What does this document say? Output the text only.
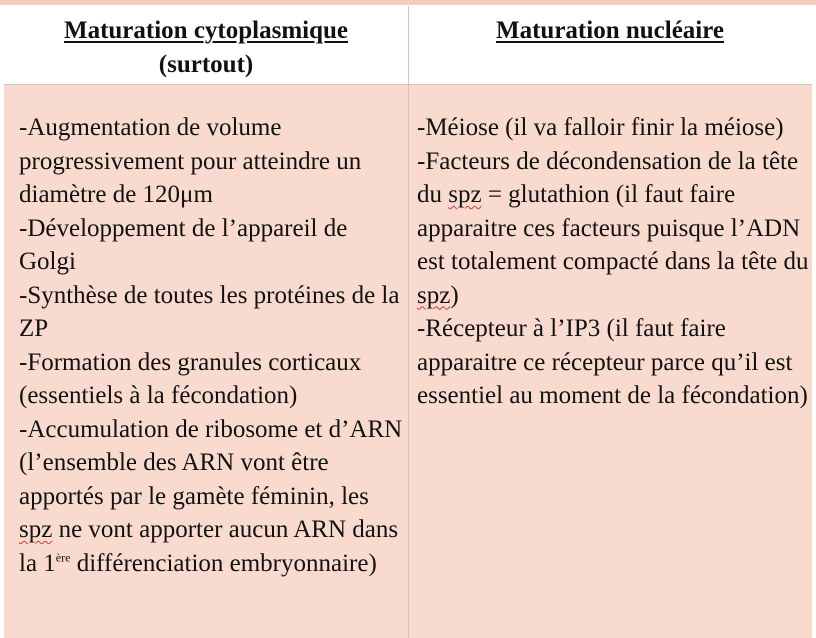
Maturation cytoplasmique
(surtout)
Maturation nucléaire
-Augmentation de volume progressivement pour atteindre un diamètre de 120μm
-Développement de l’appareil de Golgi
-Synthèse de toutes les protéines de la ZP
-Formation des granules corticaux (essentiels à la fécondation)
-Accumulation de ribosome et d’ARN (l’ensemble des ARN vont être apportés par le gamète féminin, les spz ne vont apporter aucun ARN dans la 1ère différenciation embryonnaire)
-Méiose (il va falloir finir la méiose)
-Facteurs de décondensation de la tête du spz = glutathion (il faut faire apparaitre ces facteurs puisque l’ADN est totalement compacté dans la tête du spz)
-Récepteur à l’IP3 (il faut faire apparaitre ce récepteur parce qu’il est essentiel au moment de la fécondation)
